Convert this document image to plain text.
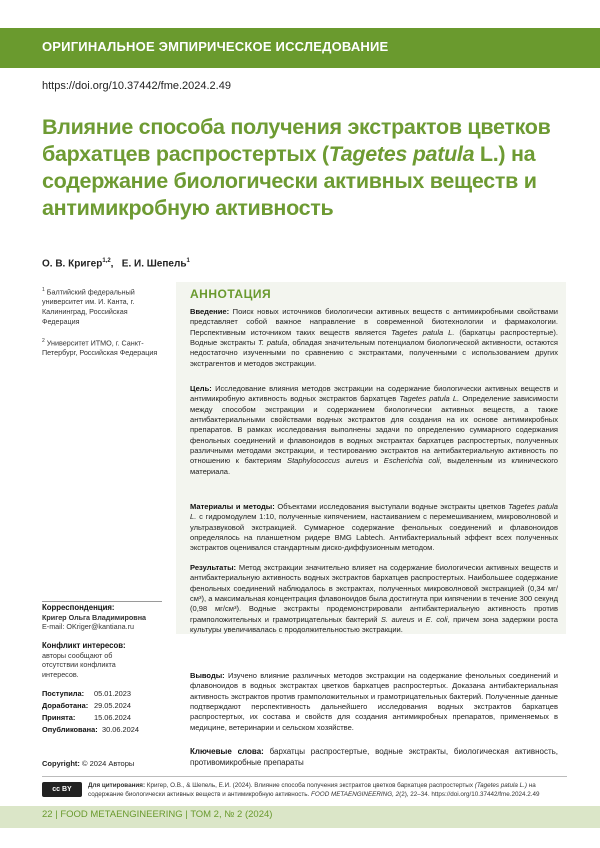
ОРИГИНАЛЬНОЕ ЭМПИРИЧЕСКОЕ ИССЛЕДОВАНИЕ
https://doi.org/10.37442/fme.2024.2.49
Влияние способа получения экстрактов цветков бархатцев распростертых (Tagetes patula L.) на содержание биологически активных веществ и антимикробную активность
О. В. Кригер1,2,   Е. И. Шепель1
1 Балтийский федеральный университет им. И. Канта, г. Калининград, Российская Федерация
2 Университет ИТМО, г. Санкт-Петербург, Российская Федерация
АННОТАЦИЯ
Введение: Поиск новых источников биологически активных веществ с антимикробными свойствами представляет собой важное направление в современной биотехнологии и фармакологии. Перспективным источником таких веществ является Tagetes patula L. (бархатцы распростертые). Водные экстракты T. patula, обладая значительным потенциалом биологической активности, остаются недостаточно изученными по сравнению с экстрактами, полученными с использованием других экстрагентов и методов экстракции.
Цель: Исследование влияния методов экстракции на содержание биологически активных веществ и антимикробную активность водных экстрактов бархатцев Tagetes patula L. Определение зависимости между способом экстракции и содержанием биологически активных веществ, а также антибактериальными свойствами водных экстрактов для создания на их основе антимикробных препаратов. В рамках исследования выполнены задачи по определению суммарного содержания фенольных соединений и флавоноидов в водных экстрактах бархатцев распростертых, полученных различными методами экстракции, и тестированию экстрактов на антибактериальную активность по отношению к бактериям Staphylococcus aureus и Escherichia coli, выделенным из клинического материала.
Материалы и методы: Объектами исследования выступали водные экстракты цветков Tagetes patula L. с гидромодулем 1:10, полученные кипячением, настаиванием с перемешиванием, микроволновой и ультразвуковой экстракцией. Суммарное содержание фенольных соединений и флавоноидов определялось на планшетном ридере BMG Labtech. Антибактериальный эффект всех полученных экстрактов оценивался стандартным диско-диффузионным методом.
Результаты: Метод экстракции значительно влияет на содержание биологически активных веществ и антибактериальную активность водных экстрактов бархатцев распростертых. Наибольшее содержание фенольных соединений наблюдалось в экстрактах, полученных микроволновой экстракцией (0,34 мг/см³), а максимальная концентрация флавоноидов была достигнута при кипячении в течение 300 секунд (0,98 мг/см³). Водные экстракты продемонстрировали антибактериальную активность против грамположительных и грамотрицательных бактерий S. aureus и E. coli, причем зона задержки роста культуры увеличивалась с продолжительностью экстракции.
Выводы: Изучено влияние различных методов экстракции на содержание фенольных соединений и флавоноидов в водных экстрактах цветков бархатцев распростертых. Доказана антибактериальная активность экстрактов против грамположительных и грамотрицательных бактерий. Полученные данные подтверждают перспективность дальнейшего исследования водных экстрактов бархатцев распростертых, их состава и свойств для создания антимикробных препаратов, применяемых в медицине, ветеринарии и сельском хозяйстве.
Ключевые слова: бархатцы распростертые, водные экстракты, биологическая активность, противомикробные препараты
Корреспонденция:
Кригер Ольга Владимировна
E-mail: OKriger@kantiana.ru
Конфликт интересов:
авторы сообщают об отсутствии конфликта интересов.
Поступила: 05.01.2023
Доработана: 29.05.2024
Принята:	15.06.2024
Опубликована: 30.06.2024
Copyright: © 2024 Авторы
cc BY
Для цитирования: Кригер, О.В., & Шепель, Е.И. (2024). Влияние способа получения экстрактов цветков бархатцев распростертых (Tagetes patula L.) на содержание биологически активных веществ и антимикробную активность. FOOD METAENGINEERING, 2(2), 22–34. https://doi.org/10.37442/fme.2024.2.49
22 | FOOD METAENGINEERING | ТОМ 2, № 2 (2024)
